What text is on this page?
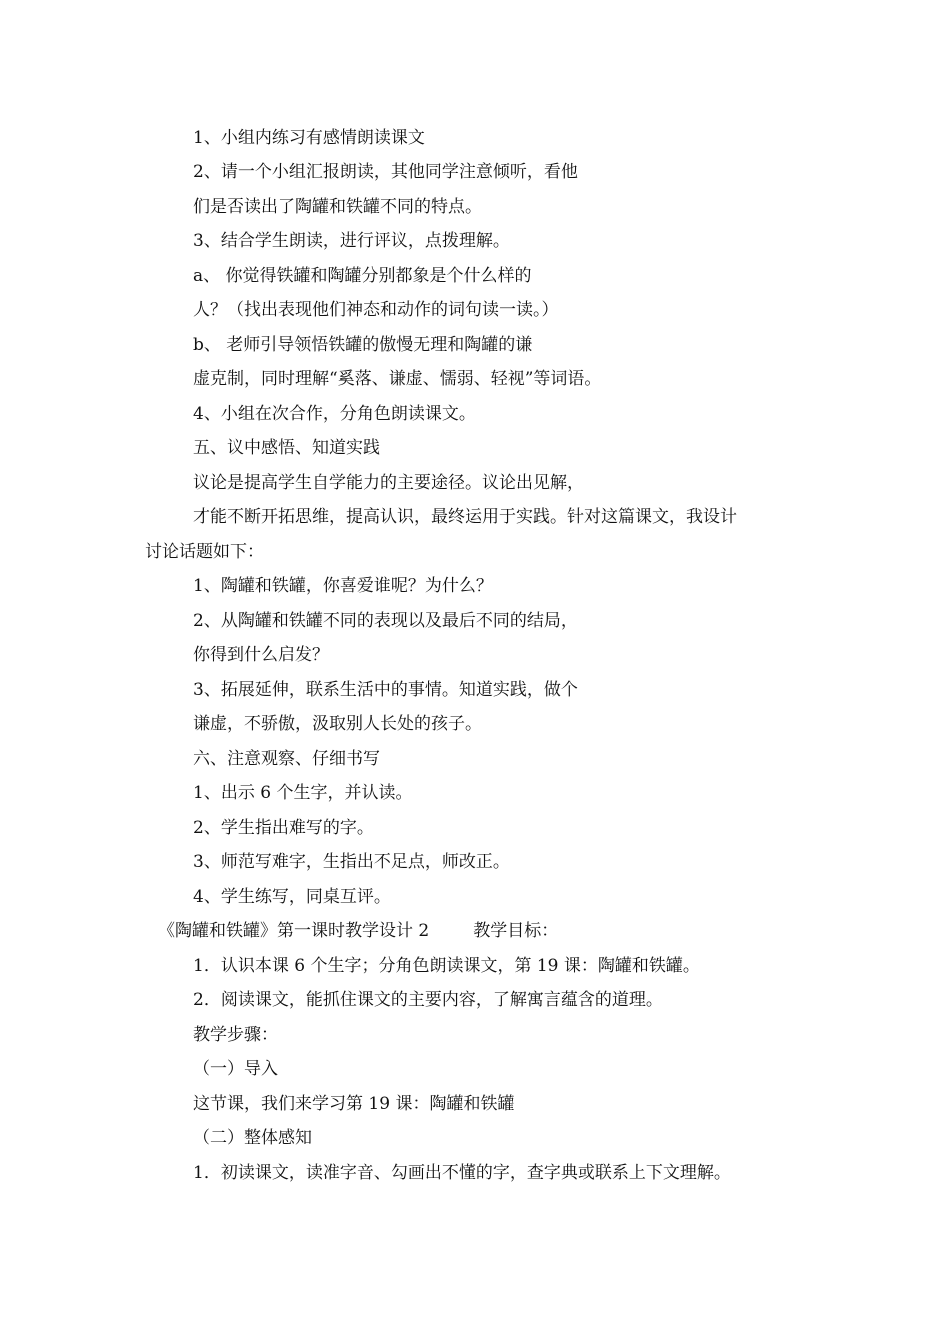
1、小组内练习有感情朗读课文
2、请一个小组汇报朗读，其他同学注意倾听，看他
们是否读出了陶罐和铁罐不同的特点。
3、结合学生朗读，进行评议，点拨理解。
a、 你觉得铁罐和陶罐分别都象是个什么样的
人？（找出表现他们神态和动作的词句读一读。）
b、 老师引导领悟铁罐的傲慢无理和陶罐的谦
虚克制，同时理解“奚落、谦虚、懦弱、轻视”等词语。
4、小组在次合作，分角色朗读课文。
五、议中感悟、知道实践
议论是提高学生自学能力的主要途径。议论出见解，
才能不断开拓思维，提高认识，最终运用于实践。针对这篇课文，我设计
讨论话题如下：
1、陶罐和铁罐，你喜爱谁呢？为什么？
2、从陶罐和铁罐不同的表现以及最后不同的结局，
你得到什么启发？
3、拓展延伸，联系生活中的事情。知道实践，做个
谦虚，不骄傲，汲取别人长处的孩子。
六、注意观察、仔细书写
1、出示 6 个生字，并认读。
2、学生指出难写的字。
3、师范写难字，生指出不足点，师改正。
4、学生练写，同桌互评。
《陶罐和铁罐》第一课时教学设计 2	教学目标：
1．认识本课 6 个生字；分角色朗读课文，第 19 课：陶罐和铁罐。
2．阅读课文，能抓住课文的主要内容，了解寓言蕴含的道理。
教学步骤：
（一）导入
这节课，我们来学习第 19 课：陶罐和铁罐
（二）整体感知
1．初读课文，读准字音、勾画出不懂的字，查字典或联系上下文理解。
